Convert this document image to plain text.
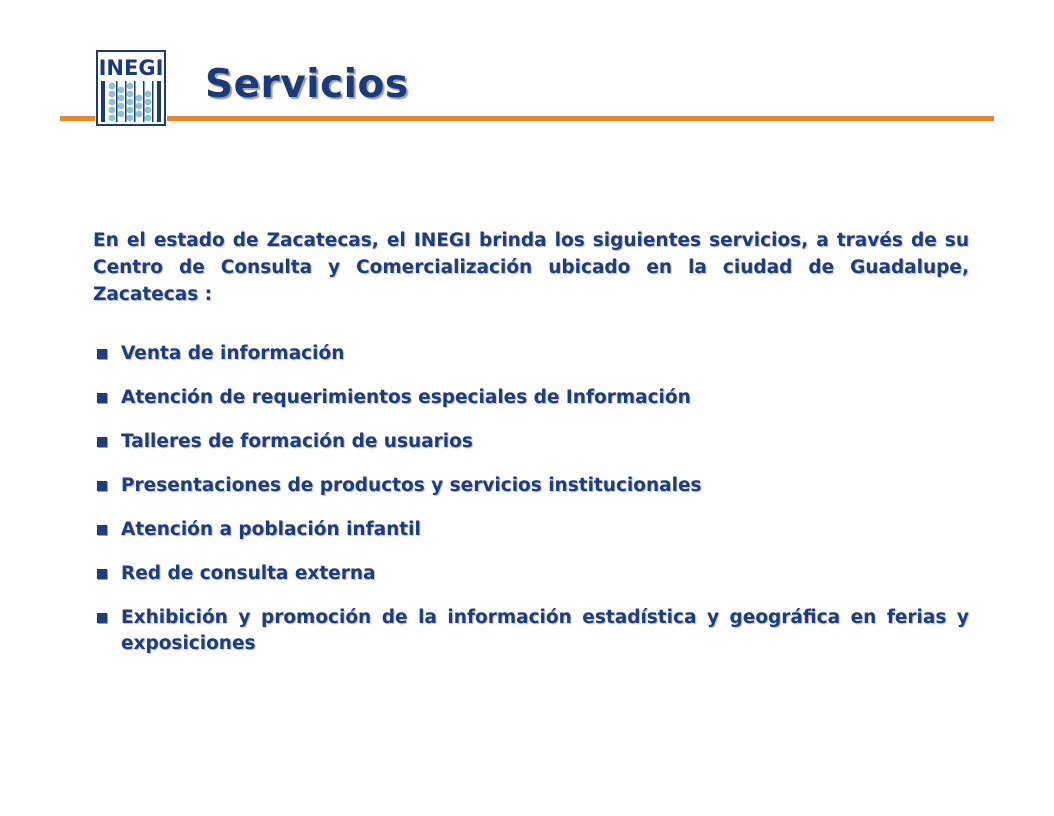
INEGI Servicios
En el estado de Zacatecas, el INEGI brinda los siguientes servicios, a través de su Centro de Consulta y Comercialización ubicado en la ciudad de Guadalupe, Zacatecas :
Venta de información
Atención de requerimientos especiales de Información
Talleres de formación de usuarios
Presentaciones de productos y servicios institucionales
Atención a población infantil
Red de consulta externa
Exhibición y promoción de la información estadística y geográfica en ferias y exposiciones
